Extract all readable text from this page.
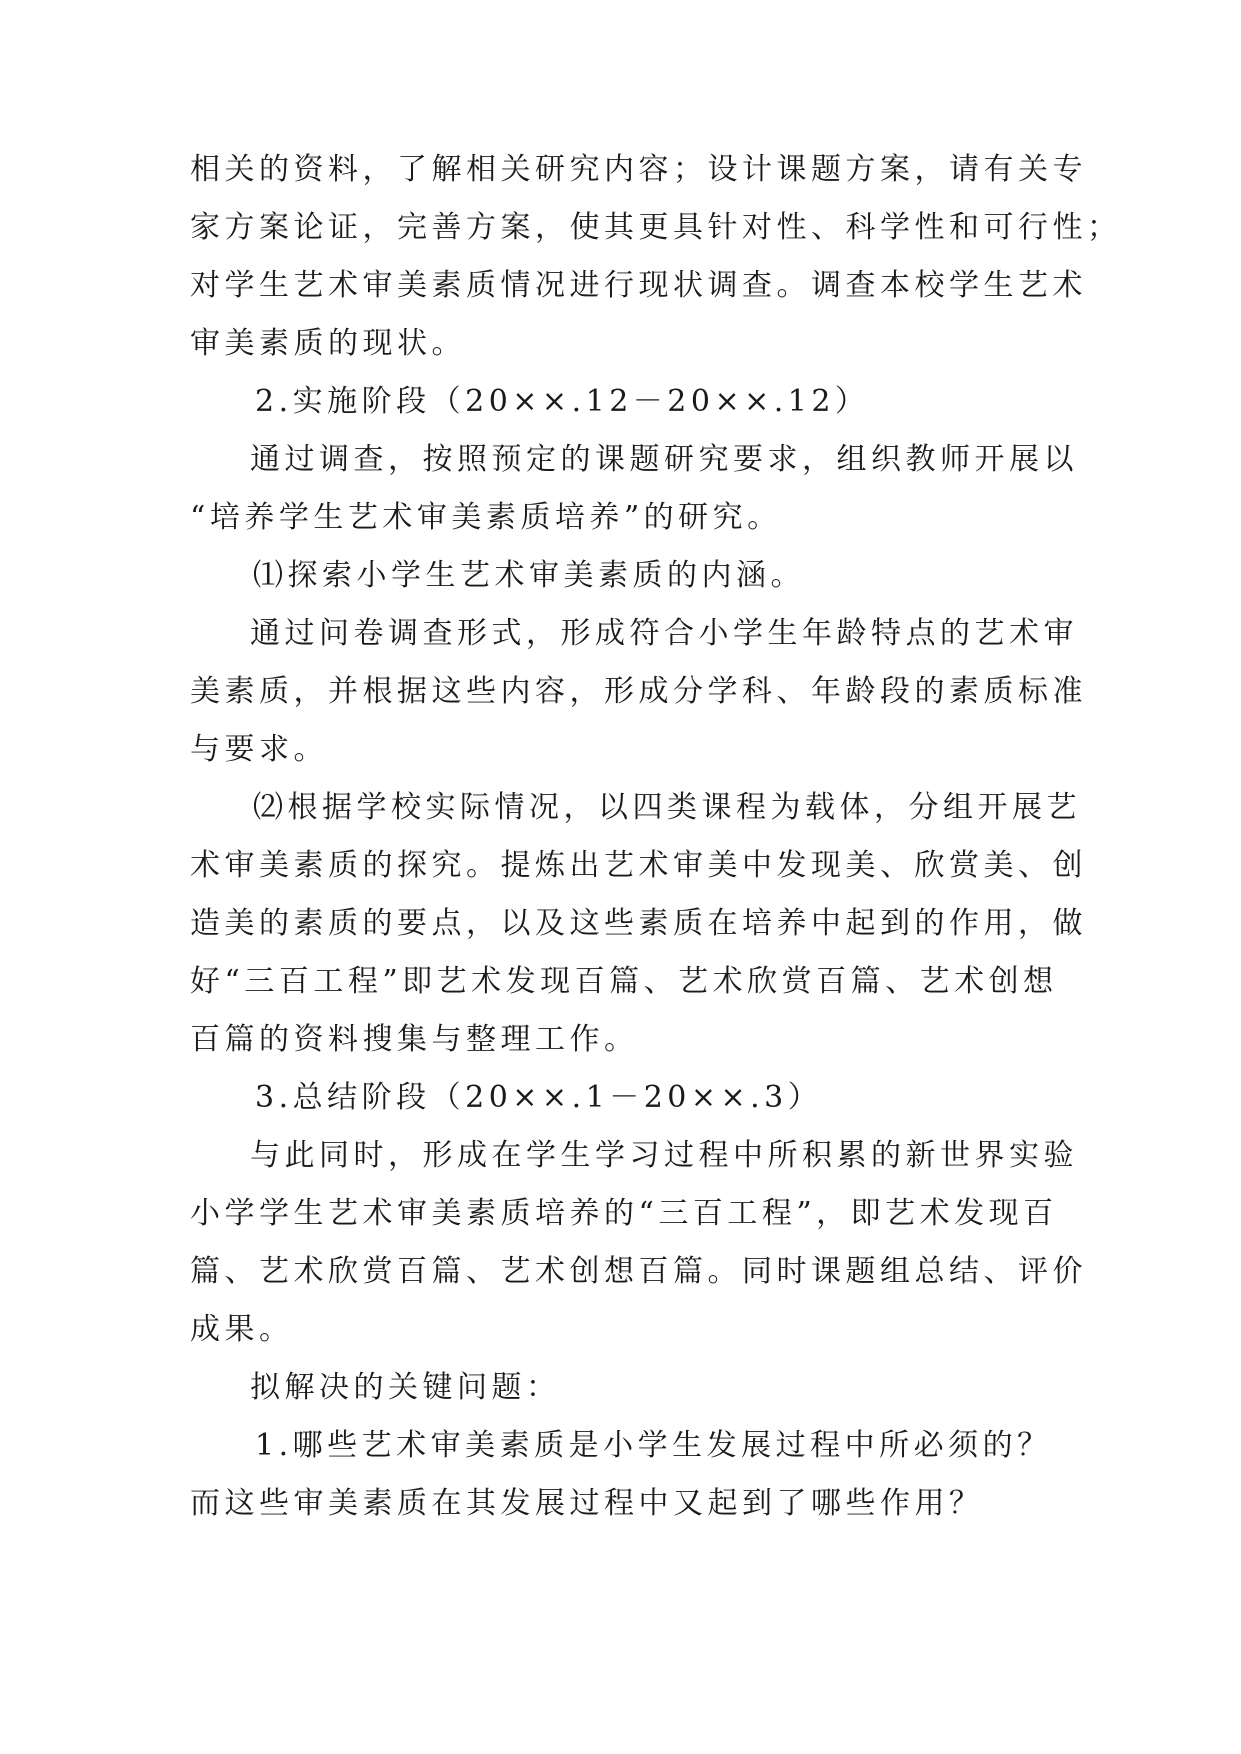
相关的资料，了解相关研究内容；设计课题方案，请有关专
家方案论证，完善方案，使其更具针对性、科学性和可行性；
对学生艺术审美素质情况进行现状调查。调查本校学生艺术
审美素质的现状。
2.实施阶段（20××.12－20××.12）
通过调查，按照预定的课题研究要求，组织教师开展以
“培养学生艺术审美素质培养”的研究。
⑴探索小学生艺术审美素质的内涵。
通过问卷调查形式，形成符合小学生年龄特点的艺术审
美素质，并根据这些内容，形成分学科、年龄段的素质标准
与要求。
⑵根据学校实际情况，以四类课程为载体，分组开展艺
术审美素质的探究。提炼出艺术审美中发现美、欣赏美、创
造美的素质的要点，以及这些素质在培养中起到的作用，做
好“三百工程”即艺术发现百篇、艺术欣赏百篇、艺术创想
百篇的资料搜集与整理工作。
3.总结阶段（20××.1－20××.3）
与此同时，形成在学生学习过程中所积累的新世界实验
小学学生艺术审美素质培养的“三百工程”，即艺术发现百
篇、艺术欣赏百篇、艺术创想百篇。同时课题组总结、评价
成果。
拟解决的关键问题：
1.哪些艺术审美素质是小学生发展过程中所必须的？
而这些审美素质在其发展过程中又起到了哪些作用？
